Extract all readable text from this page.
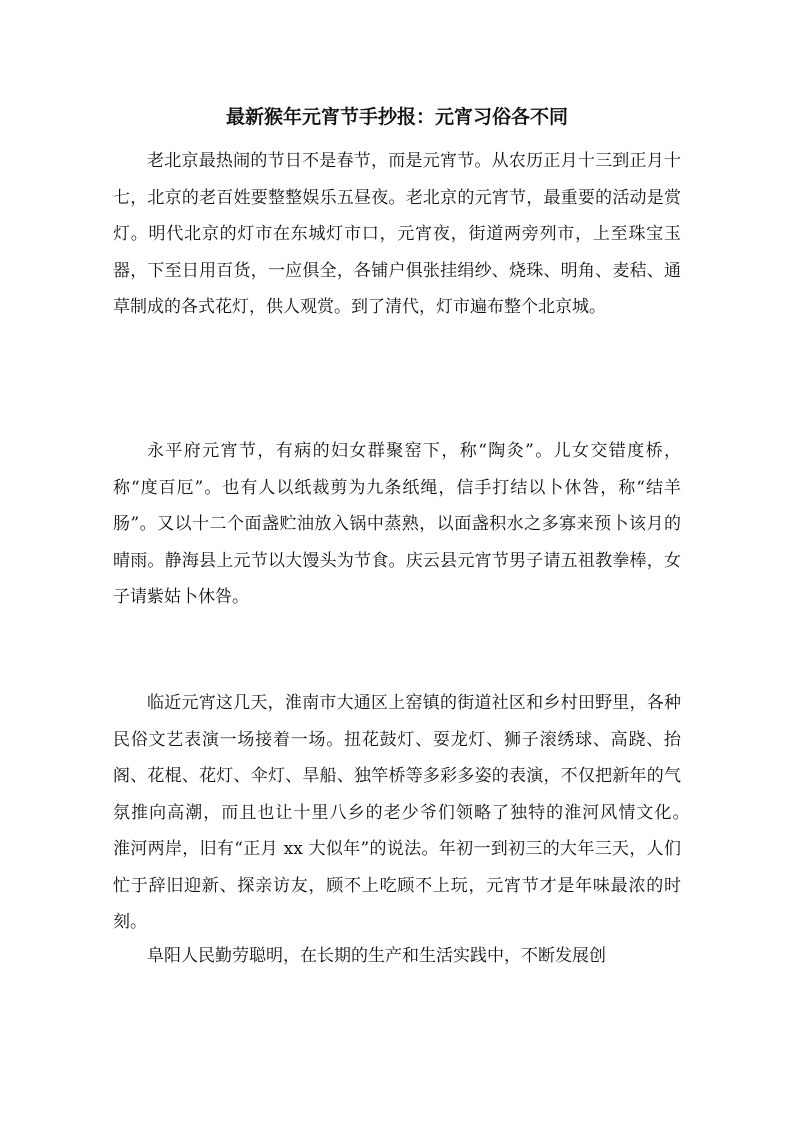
最新猴年元宵节手抄报：元宵习俗各不同

老北京最热闹的节日不是春节，而是元宵节。从农历正月十三到正月十七，北京的老百姓要整整娱乐五昼夜。老北京的元宵节，最重要的活动是赏灯。明代北京的灯市在东城灯市口，元宵夜，街道两旁列市，上至珠宝玉器，下至日用百货，一应俱全，各铺户俱张挂绢纱、烧珠、明角、麦秸、通草制成的各式花灯，供人观赏。到了清代，灯市遍布整个北京城。

永平府元宵节，有病的妇女群聚窑下，称“陶灸”。儿女交错度桥，称“度百厄”。也有人以纸裁剪为九条纸绳，信手打结以卜休咎，称“结羊肠”。又以十二个面盏贮油放入锅中蒸熟，以面盏积水之多寡来预卜该月的晴雨。静海县上元节以大馒头为节食。庆云县元宵节男子请五祖教拳棒，女子请紫姑卜休咎。

临近元宵这几天，淮南市大通区上窑镇的街道社区和乡村田野里，各种民俗文艺表演一场接着一场。扭花鼓灯、耍龙灯、狮子滚绣球、高跷、抬阁、花棍、花灯、伞灯、旱船、独竿桥等多彩多姿的表演，不仅把新年的气氛推向高潮，而且也让十里八乡的老少爷们领略了独特的淮河风情文化。　淮河两岸，旧有“正月 xx 大似年”的说法。年初一到初三的大年三天，人们忙于辞旧迎新、探亲访友，顾不上吃顾不上玩，元宵节才是年味最浓的时刻。

阜阳人民勤劳聪明，在长期的生产和生活实践中，不断发展创
